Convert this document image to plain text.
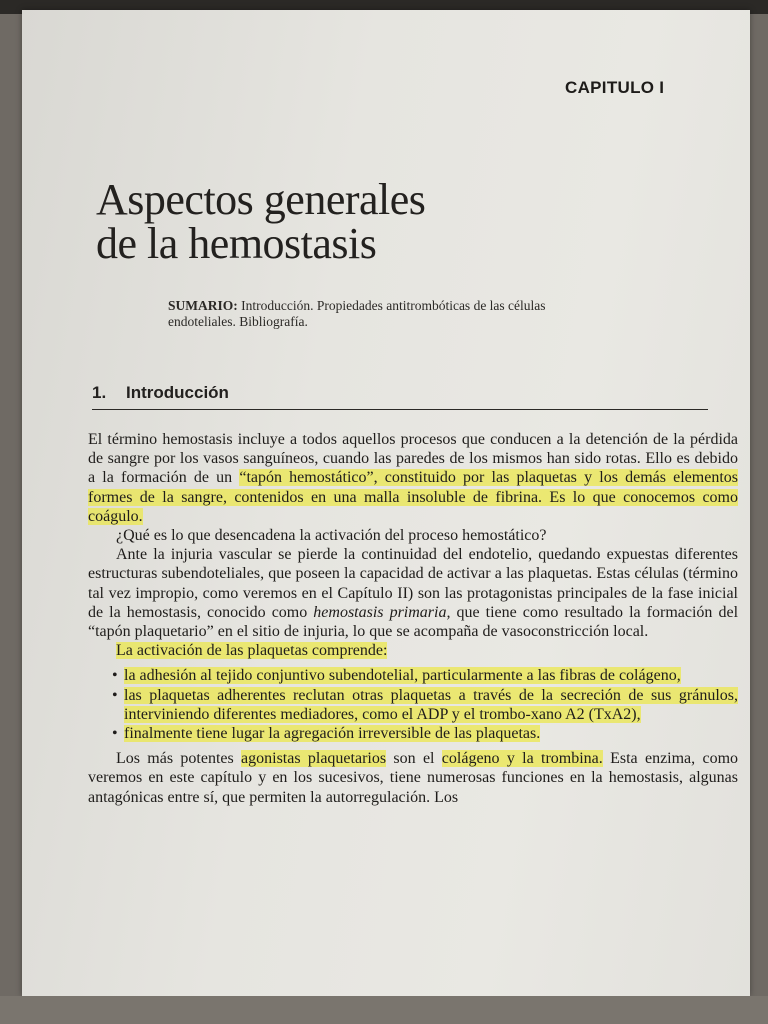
CAPITULO I
Aspectos generales
de la hemostasis
SUMARIO: Introducción. Propiedades antitrombóticas de las células endoteliales. Bibliografía.
1. Introducción

El término hemostasis incluye a todos aquellos procesos que conducen a la detención de la pérdida de sangre por los vasos sanguíneos, cuando las paredes de los mismos han sido rotas. Ello es debido a la formación de un “tapón hemostático”, constituido por las plaquetas y los demás elementos formes de la sangre, contenidos en una malla insoluble de fibrina. Es lo que conocemos como coágulo.

¿Qué es lo que desencadena la activación del proceso hemostático?

Ante la injuria vascular se pierde la continuidad del endotelio, quedando expuestas diferentes estructuras subendoteliales, que poseen la capacidad de activar a las plaquetas. Estas células (término tal vez impropio, como veremos en el Capítulo II) son las protagonistas principales de la fase inicial de la hemostasis, conocido como hemostasis primaria, que tiene como resultado la formación del “tapón plaquetario” en el sitio de injuria, lo que se acompaña de vasoconstricción local.

La activación de las plaquetas comprende:

• la adhesión al tejido conjuntivo subendotelial, particularmente a las fibras de colágeno,
• las plaquetas adherentes reclutan otras plaquetas a través de la secreción de sus gránulos, interviniendo diferentes mediadores, como el ADP y el trombo-xano A2 (TxA2),
• finalmente tiene lugar la agregación irreversible de las plaquetas.

Los más potentes agonistas plaquetarios son el colágeno y la trombina. Esta enzima, como veremos en este capítulo y en los sucesivos, tiene numerosas funciones en la hemostasis, algunas antagónicas entre sí, que permiten la autorregulación. Los
